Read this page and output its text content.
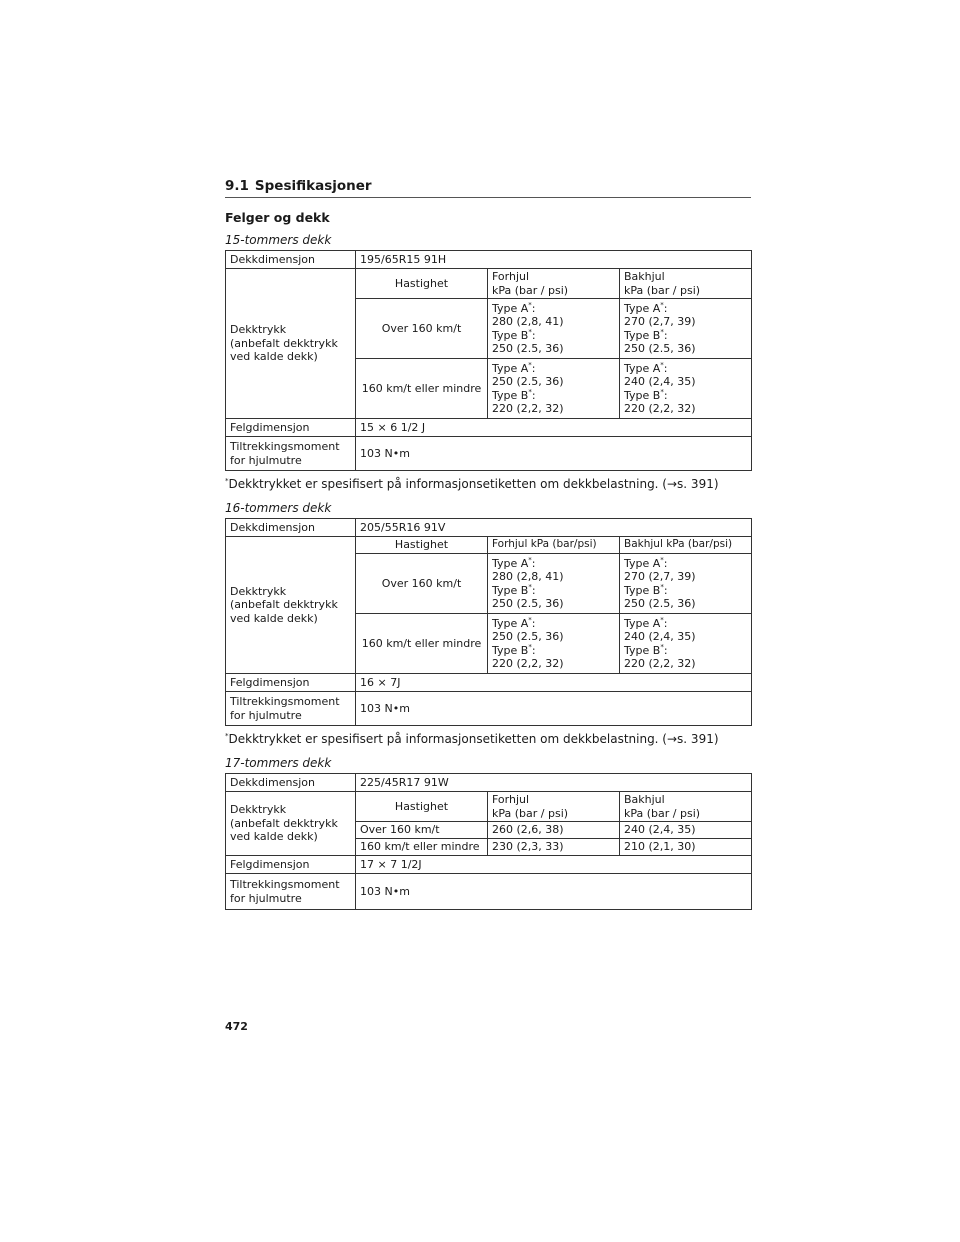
9.1 Spesifikasjoner
Felger og dekk
15-tommers dekk
Dekkdimensjon	195/65R15 91H		
Dekktrykk
(anbefalt dekktrykk
ved kalde dekk)	Hastighet	Forhjul
kPa (bar / psi)	Bakhjul
kPa (bar / psi)
	Over 160 km/t	Type A*:
280 (2,8, 41)
Type B*:
250 (2.5, 36)	Type A*:
270 (2,7, 39)
Type B*:
250 (2.5, 36)
	160 km/t eller mindre	Type A*:
250 (2.5, 36)
Type B*:
220 (2,2, 32)	Type A*:
240 (2,4, 35)
Type B*:
220 (2,2, 32)
Felgdimensjon	15 × 6 1/2 J		
Tiltrekkingsmoment
for hjulmutre	103 N•m		
*Dekktrykket er spesifisert på informasjonsetiketten om dekkbelastning. (→s. 391)
16-tommers dekk
Dekkdimensjon	205/55R16 91V		
Dekktrykk
(anbefalt dekktrykk
ved kalde dekk)	Hastighet	Forhjul kPa (bar/psi)	Bakhjul kPa (bar/psi)
	Over 160 km/t	Type A*:
280 (2,8, 41)
Type B*:
250 (2.5, 36)	Type A*:
270 (2,7, 39)
Type B*:
250 (2.5, 36)
	160 km/t eller mindre	Type A*:
250 (2.5, 36)
Type B*:
220 (2,2, 32)	Type A*:
240 (2,4, 35)
Type B*:
220 (2,2, 32)
Felgdimensjon	16 × 7J		
Tiltrekkingsmoment
for hjulmutre	103 N•m		
*Dekktrykket er spesifisert på informasjonsetiketten om dekkbelastning. (→s. 391)
17-tommers dekk
Dekkdimensjon	225/45R17 91W		
Dekktrykk
(anbefalt dekktrykk
ved kalde dekk)	Hastighet	Forhjul
kPa (bar / psi)	Bakhjul
kPa (bar / psi)
	Over 160 km/t	260 (2,6, 38)	240 (2,4, 35)
	160 km/t eller mindre	230 (2,3, 33)	210 (2,1, 30)
Felgdimensjon	17 × 7 1/2J		
Tiltrekkingsmoment
for hjulmutre	103 N•m		
472
